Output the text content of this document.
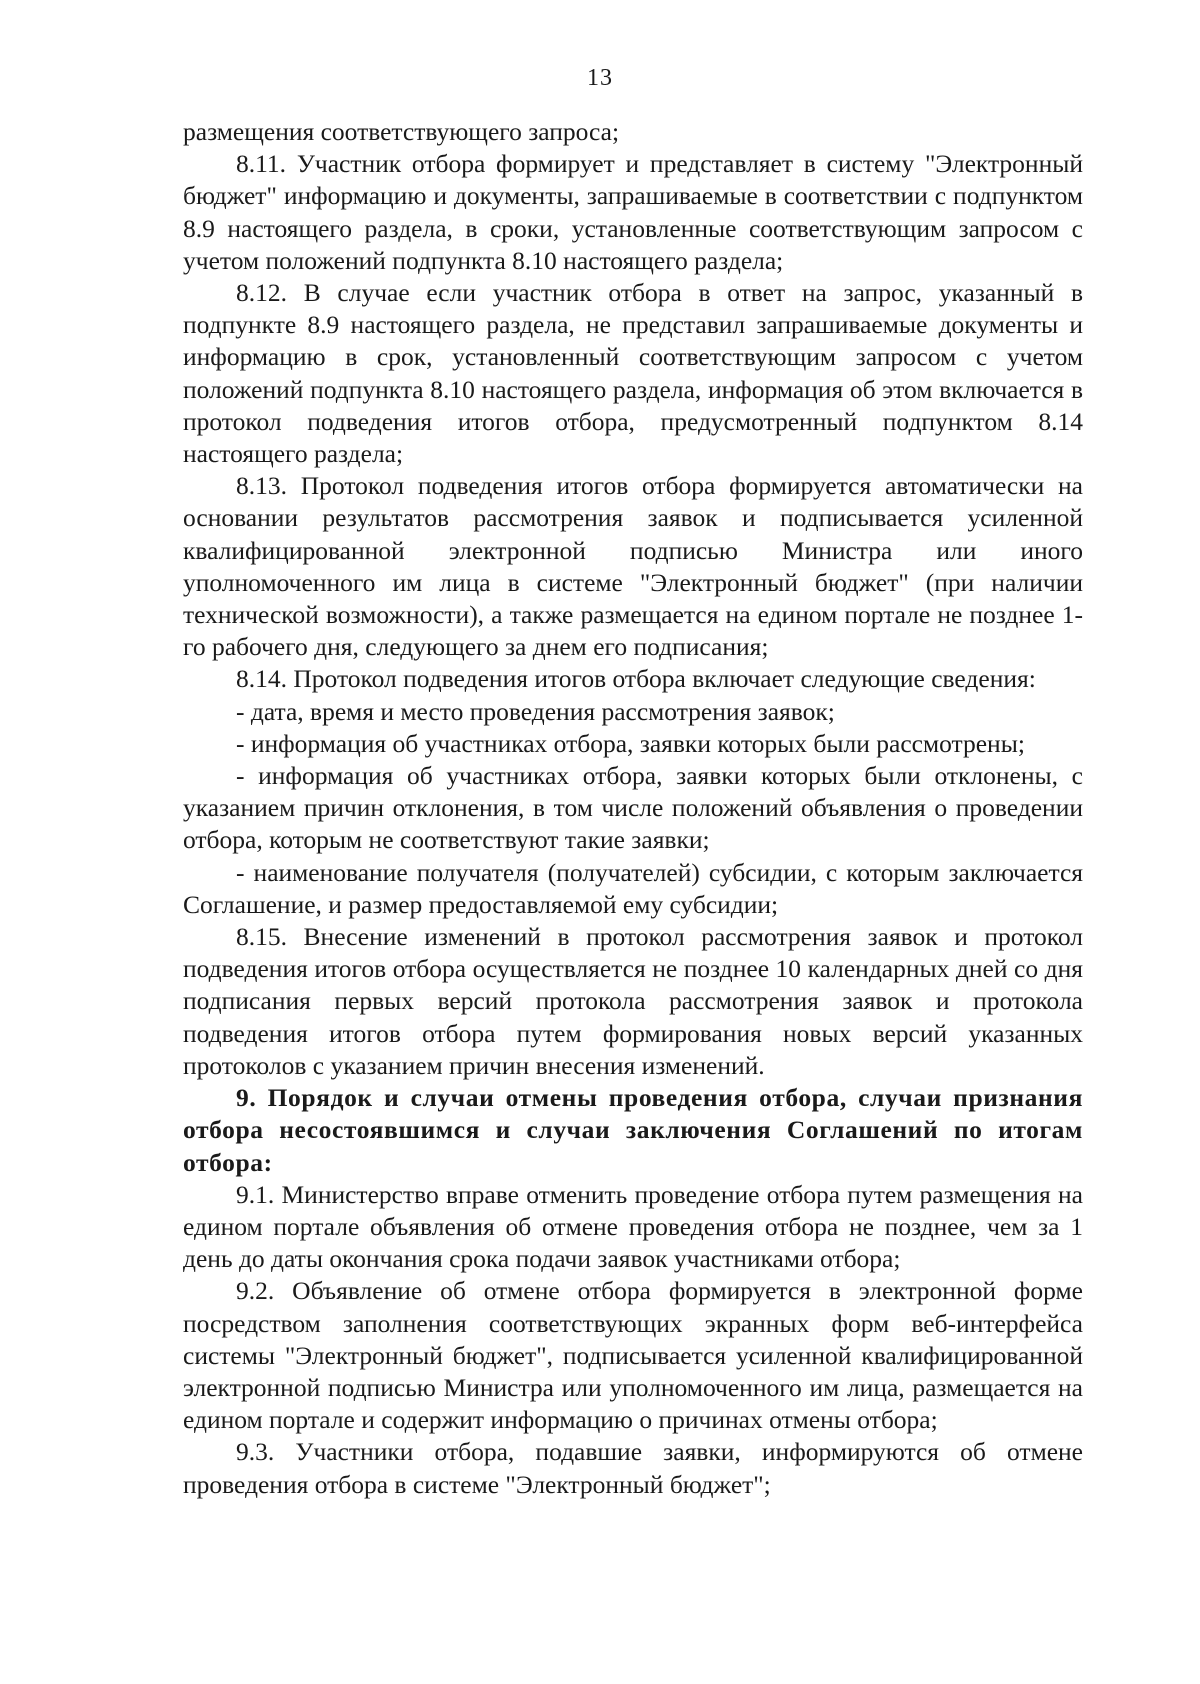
13

размещения соответствующего запроса;

8.11. Участник отбора формирует и представляет в систему "Электронный бюджет" информацию и документы, запрашиваемые в соответствии с подпунктом 8.9 настоящего раздела, в сроки, установленные соответствующим запросом с учетом положений подпункта 8.10 настоящего раздела;

8.12. В случае если участник отбора в ответ на запрос, указанный в подпункте 8.9 настоящего раздела, не представил запрашиваемые документы и информацию в срок, установленный соответствующим запросом с учетом положений подпункта 8.10 настоящего раздела, информация об этом включается в протокол подведения итогов отбора, предусмотренный подпунктом 8.14 настоящего раздела;

8.13. Протокол подведения итогов отбора формируется автоматически на основании результатов рассмотрения заявок и подписывается усиленной квалифицированной электронной подписью Министра или иного уполномоченного им лица в системе "Электронный бюджет" (при наличии технической возможности), а также размещается на едином портале не позднее 1-го рабочего дня, следующего за днем его подписания;

8.14. Протокол подведения итогов отбора включает следующие сведения:

- дата, время и место проведения рассмотрения заявок;

- информация об участниках отбора, заявки которых были рассмотрены;

- информация об участниках отбора, заявки которых были отклонены, с указанием причин отклонения, в том числе положений объявления о проведении отбора, которым не соответствуют такие заявки;

- наименование получателя (получателей) субсидии, с которым заключается Соглашение, и размер предоставляемой ему субсидии;

8.15. Внесение изменений в протокол рассмотрения заявок и протокол подведения итогов отбора осуществляется не позднее 10 календарных дней со дня подписания первых версий протокола рассмотрения заявок и протокола подведения итогов отбора путем формирования новых версий указанных протоколов с указанием причин внесения изменений.

9. Порядок и случаи отмены проведения отбора, случаи признания отбора несостоявшимся и случаи заключения Соглашений по итогам отбора:

9.1. Министерство вправе отменить проведение отбора путем размещения на едином портале объявления об отмене проведения отбора не позднее, чем за 1 день до даты окончания срока подачи заявок участниками отбора;

9.2. Объявление об отмене отбора формируется в электронной форме посредством заполнения соответствующих экранных форм веб-интерфейса системы "Электронный бюджет", подписывается усиленной квалифицированной электронной подписью Министра или уполномоченного им лица, размещается на едином портале и содержит информацию о причинах отмены отбора;

9.3. Участники отбора, подавшие заявки, информируются об отмене проведения отбора в системе "Электронный бюджет";
